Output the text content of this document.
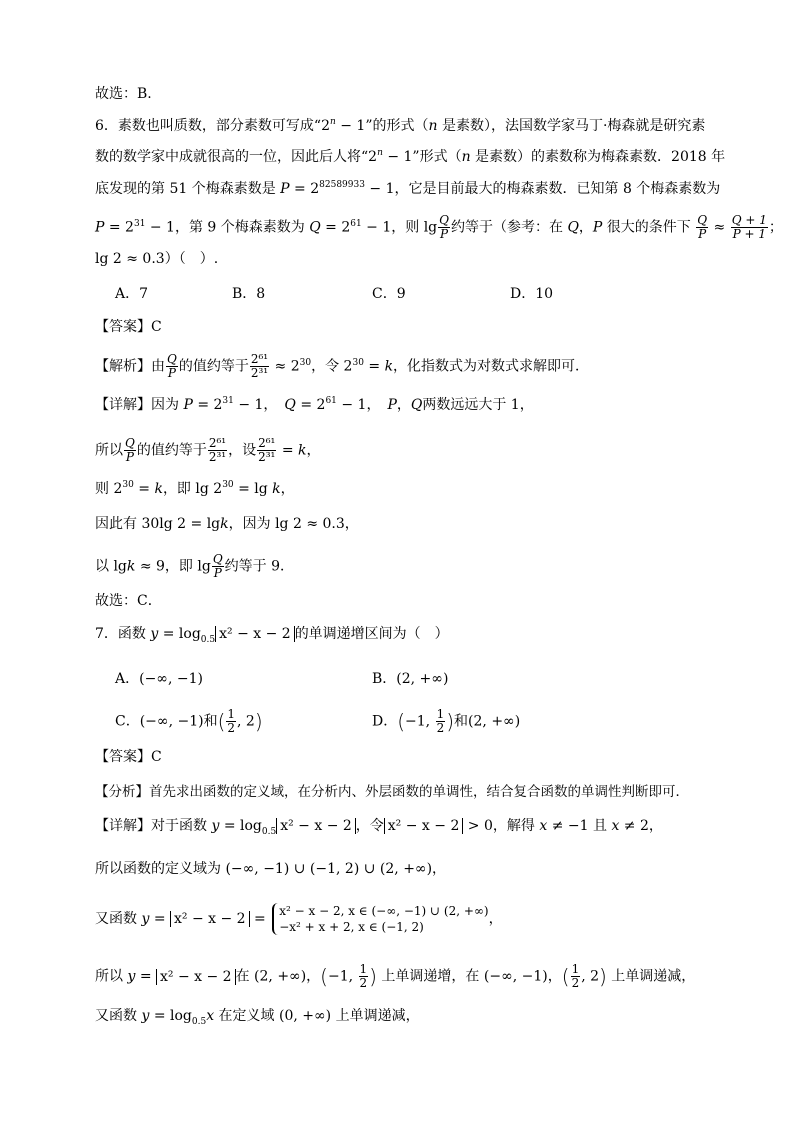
故选：B.
6．素数也叫质数，部分素数可写成“$2^n - 1$”的形式（n 是素数），法国数学家马丁·梅森就是研究素
数的数学家中成就很高的一位，因此后人将“$2^n - 1$”形式（n 是素数）的素数称为梅森素数．2018 年
底发现的第 51 个梅森素数是 $P = 2^{82589933} - 1$，它是目前最大的梅森素数．已知第 8 个梅森素数为
$P = 2^{31} - 1$，第 9 个梅森素数为 $Q = 2^{61} - 1$，则 $\lg \frac{Q}{P}$ 约等于（参考：在 Q，P 很大的条件下 $\frac{Q}{P} \approx \frac{Q + 1}{P + 1}$ ；
lg 2 ≈ 0.3）（　）.
A．7	B．8	C．9	D．10
【答案】C
【解析】由 $\frac{Q}{P}$ 的值约等于 $\frac{\text{2⁶¹}}{\text{2³¹}} \approx 2^{30}$，令 $2^{30} = k$，化指数式为对数式求解即可．
【详解】因为 $P = 2^{31} - 1$，　$Q = 2^{61} - 1$，　P，Q两数远远大于 1，
所以 $\frac{Q}{P}$ 的值约等于 $\frac{\text{2⁶¹}}{\text{2³¹}}$ ，设 $\frac{\text{2⁶¹}}{\text{2³¹}} = k$，
则 $2^{30} = k$，即 $\lg 2^{30} = \lg k$，
因此有 30lg 2 = lgk，因为 lg 2 ≈ 0.3，
以 lgk ≈ 9，即 $\lg \frac{Q}{P}$ 约等于 9．
故选：C．
7．函数 $y = \log_{0.5} x^2 - x - 2$ 的单调递增区间为（　）
A．(−∞, −1)	B．(2, +∞)
C．(−∞, −1)和( $\frac{1}{2}$ , 2)	D．(−1, $\frac{1}{2}$ )和(2, +∞)
【答案】C
【分析】首先求出函数的定义域，在分析内、外层函数的单调性，结合复合函数的单调性判断即可．
【详解】对于函数 $y = \log_{0.5} x^2 - x - 2$ ，令 x² − x − 2 > 0，解得 x ≠ −1 且 x ≠ 2，
所以函数的定义域为 (−∞, −1) ∪ (−1, 2) ∪ (2, +∞)，
又函数 y = x² − x − 2 = x² − x − 2, x ∈ (−∞, −1) ∪ (2, +∞)
−x² + x + 2, x ∈ (−1, 2)	，
所以 y = x² − x − 2 在 (2, +∞)，(−1, $\frac{1}{2}$ ) 上单调递增，在 (−∞, −1)，( $\frac{1}{2}$ , 2) 上单调递减，
又函数 $y = \log_{0.5}x$ 在定义域 (0, +∞) 上单调递减，
